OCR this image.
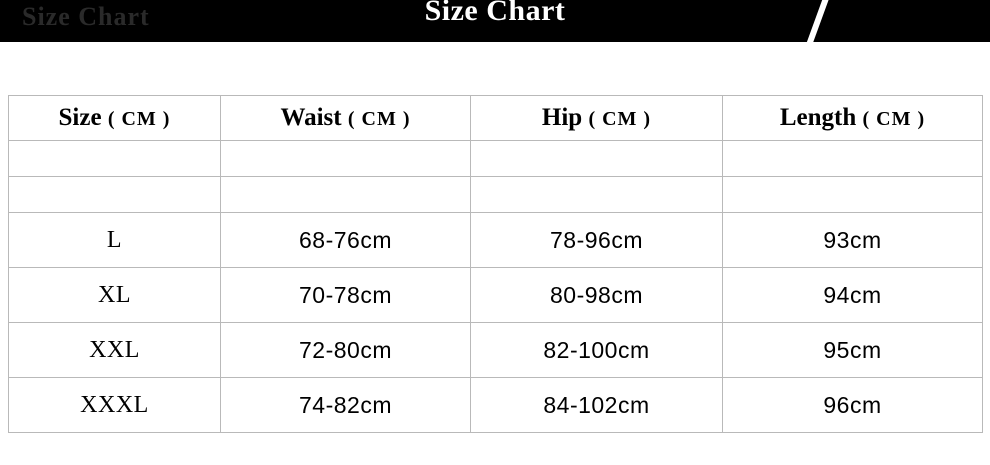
Size Chart	Size Chart
Size ( CM )	Waist ( CM )	Hip ( CM )	Length ( CM )

L	68-76cm	78-96cm	93cm
XL	70-78cm	80-98cm	94cm
XXL	72-80cm	82-100cm	95cm
XXXL	74-82cm	84-102cm	96cm
